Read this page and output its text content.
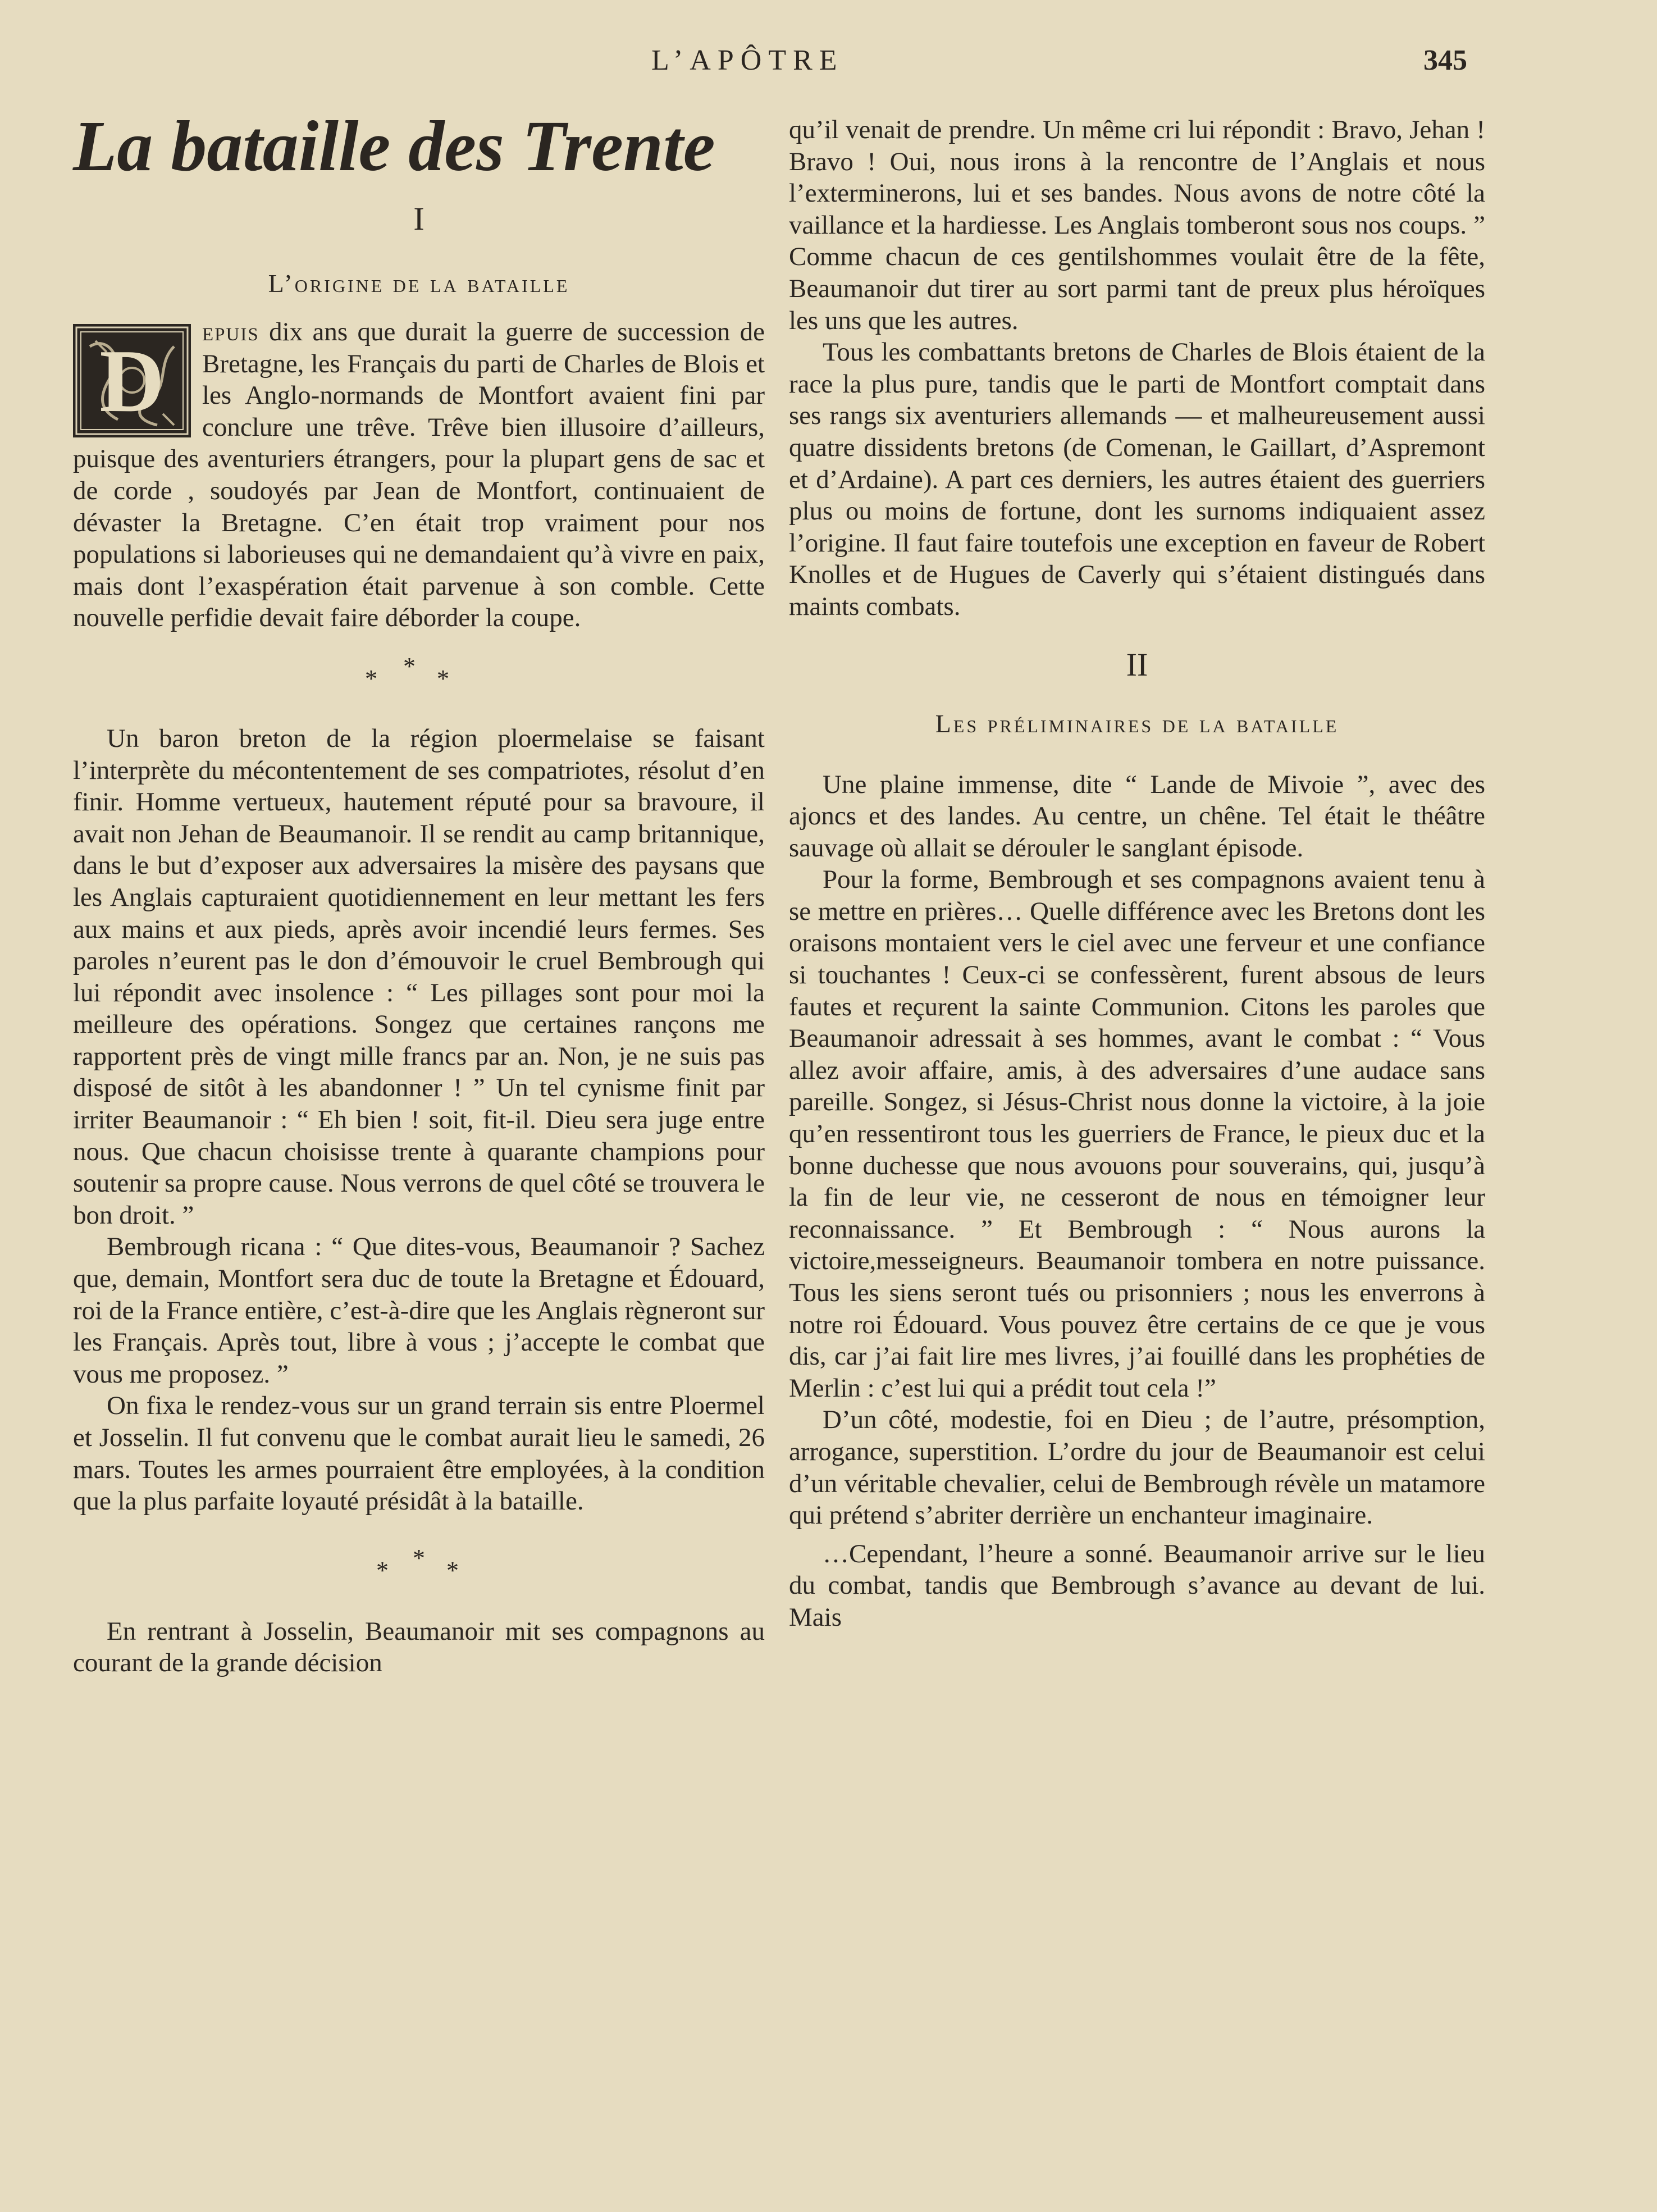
L’APÔTRE	345
La bataille des Trente

I

L’origine de la bataille

D epuis dix ans que durait la guerre de succession de Bretagne, les Français du parti de Charles de Blois et les Anglo-normands de Montfort avaient fini par conclure une trêve. Trêve bien illusoire d’ailleurs, puisque des aventuriers étrangers, pour la plupart gens de sac et de corde , soudoyés par Jean de Montfort, continuaient de dévaster la Bretagne. C’en était trop vraiment pour nos populations si laborieuses qui ne demandaient qu’à vivre en paix, mais dont l’exaspération était parvenue à son comble. Cette nouvelle perfidie devait faire déborder la coupe.

* * *

Un baron breton de la région ploermelaise se faisant l’interprète du mécontentement de ses compatriotes, résolut d’en finir. Homme vertueux, hautement réputé pour sa bravoure, il avait non Jehan de Beaumanoir. Il se rendit au camp britannique, dans le but d’exposer aux adversaires la misère des paysans que les Anglais capturaient quotidiennement en leur mettant les fers aux mains et aux pieds, après avoir incendié leurs fermes. Ses paroles n’eurent pas le don d’émouvoir le cruel Bembrough qui lui répondit avec insolence : “ Les pillages sont pour moi la meilleure des opérations. Songez que certaines rançons me rapportent près de vingt mille francs par an. Non, je ne suis pas disposé de sitôt à les abandonner ! ” Un tel cynisme finit par irriter Beaumanoir : “ Eh bien ! soit, fit-il. Dieu sera juge entre nous. Que chacun choisisse trente à quarante champions pour soutenir sa propre cause. Nous verrons de quel côté se trouvera le bon droit. ”

Bembrough ricana : “ Que dites-vous, Beaumanoir ? Sachez que, demain, Montfort sera duc de toute la Bretagne et Édouard, roi de la France entière, c’est-à-dire que les Anglais règneront sur les Français. Après tout, libre à vous ; j’accepte le combat que vous me proposez. ”

On fixa le rendez-vous sur un grand terrain sis entre Ploermel et Josselin. Il fut convenu que le combat aurait lieu le samedi, 26 mars. Toutes les armes pourraient être employées, à la condition que la plus parfaite loyauté présidât à la bataille.

* * *

En rentrant à Josselin, Beaumanoir mit ses compagnons au courant de la grande décision

qu’il venait de prendre. Un même cri lui répondit : Bravo, Jehan ! Bravo ! Oui, nous irons à la rencontre de l’Anglais et nous l’exterminerons, lui et ses bandes. Nous avons de notre côté la vaillance et la hardiesse. Les Anglais tomberont sous nos coups. ” Comme chacun de ces gentilshommes voulait être de la fête, Beaumanoir dut tirer au sort parmi tant de preux plus héroïques les uns que les autres.

Tous les combattants bretons de Charles de Blois étaient de la race la plus pure, tandis que le parti de Montfort comptait dans ses rangs six aventuriers allemands — et malheureusement aussi quatre dissidents bretons (de Comenan, le Gaillart, d’Aspremont et d’Ardaine). A part ces derniers, les autres étaient des guerriers plus ou moins de fortune, dont les surnoms indiquaient assez l’origine. Il faut faire toutefois une exception en faveur de Robert Knolles et de Hugues de Caverly qui s’étaient distingués dans maints combats.

II

Les préliminaires de la bataille

Une plaine immense, dite “ Lande de Mivoie ”, avec des ajoncs et des landes. Au centre, un chêne. Tel était le théâtre sauvage où allait se dérouler le sanglant épisode.

Pour la forme, Bembrough et ses compagnons avaient tenu à se mettre en prières… Quelle différence avec les Bretons dont les oraisons montaient vers le ciel avec une ferveur et une confiance si touchantes ! Ceux-ci se confessèrent, furent absous de leurs fautes et reçurent la sainte Communion. Citons les paroles que Beaumanoir adressait à ses hommes, avant le combat : “ Vous allez avoir affaire, amis, à des adversaires d’une audace sans pareille. Songez, si Jésus-Christ nous donne la victoire, à la joie qu’en ressentiront tous les guerriers de France, le pieux duc et la bonne duchesse que nous avouons pour souverains, qui, jusqu’à la fin de leur vie, ne cesseront de nous en témoigner leur reconnaissance. ” Et Bembrough : “ Nous aurons la victoire,messeigneurs. Beaumanoir tombera en notre puissance. Tous les siens seront tués ou prisonniers ; nous les enverrons à notre roi Édouard. Vous pouvez être certains de ce que je vous dis, car j’ai fait lire mes livres, j’ai fouillé dans les prophéties de Merlin : c’est lui qui a prédit tout cela !”

D’un côté, modestie, foi en Dieu ; de l’autre, présomption, arrogance, superstition. L’ordre du jour de Beaumanoir est celui d’un véritable chevalier, celui de Bembrough révèle un matamore qui prétend s’abriter derrière un enchanteur imaginaire.

…Cependant, l’heure a sonné. Beaumanoir arrive sur le lieu du combat, tandis que Bembrough s’avance au devant de lui. Mais
